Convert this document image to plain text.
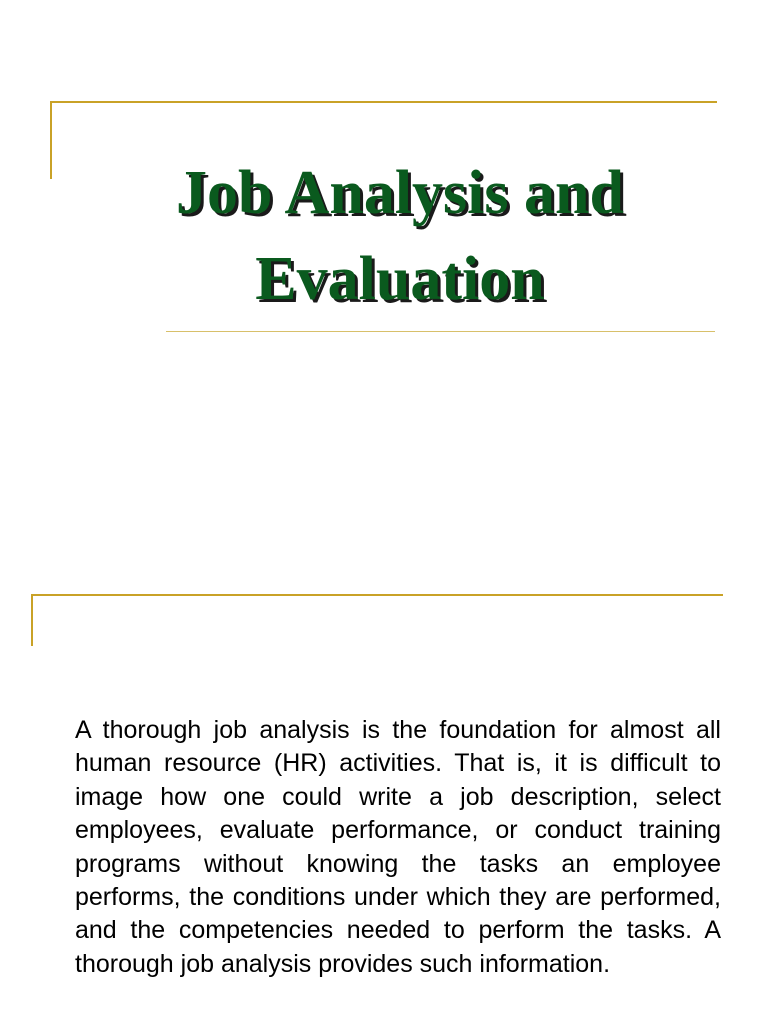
Job Analysis and
Evaluation

A thorough job analysis is the foundation for almost all human resource (HR) activities. That is, it is difficult to image how one could write a job description, select employees, evaluate performance, or conduct training programs without knowing the tasks an employee performs, the conditions under which they are performed, and the competencies needed to perform the tasks. A thorough job analysis provides such information.
